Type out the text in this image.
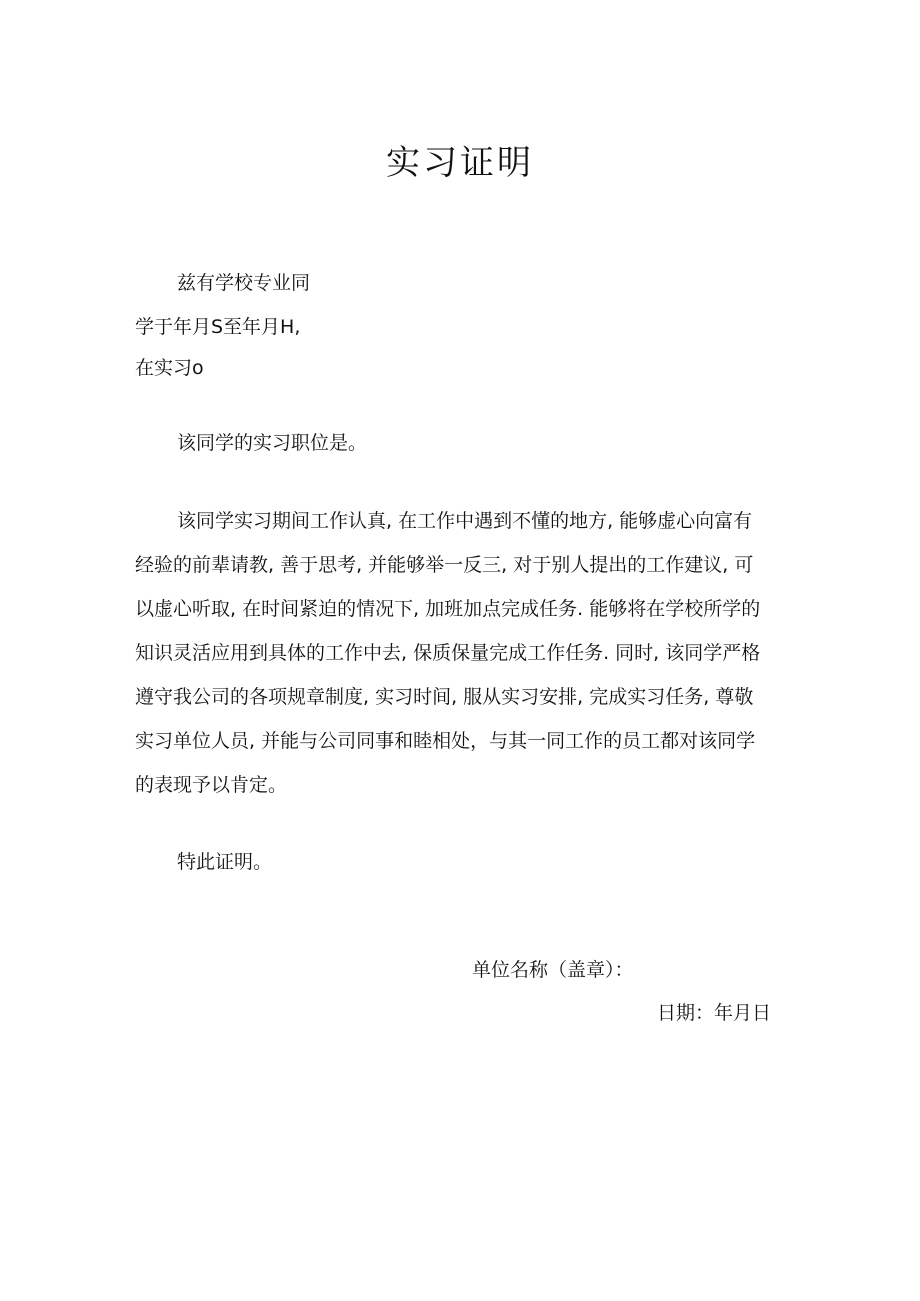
实习证明
兹有学校专业同
学于年月S至年月H,
在实习o
该同学的实习职位是。
该同学实习期间工作认真, 在工作中遇到不懂的地方, 能够虚心向富有
经验的前辈请教, 善于思考, 并能够举一反三, 对于别人提出的工作建议, 可
以虚心听取, 在时间紧迫的情况下, 加班加点完成任务. 能够将在学校所学的
知识灵活应用到具体的工作中去, 保质保量完成工作任务. 同时, 该同学严格
遵守我公司的各项规章制度, 实习时间, 服从实习安排, 完成实习任务, 尊敬
实习单位人员, 并能与公司同事和睦相处，与其一同工作的员工都对该同学
的表现予以肯定。
特此证明。
单位名称（盖章）：
日期：年月日
